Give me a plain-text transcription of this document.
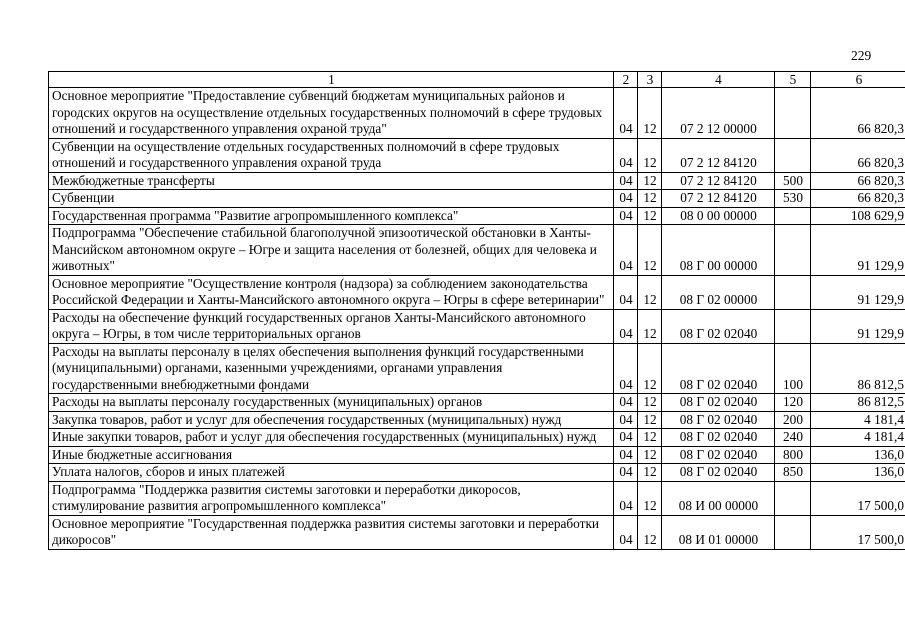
229
1	2	3	4	5	6
Основное мероприятие "Предоставление субвенций бюджетам муниципальных районов и городских округов на осуществление отдельных государственных полномочий в сфере трудовых отношений и государственного управления охраной труда"	04	12	07 2 12 00000		66 820,3
Субвенции на осуществление отдельных государственных полномочий в сфере трудовых отношений и государственного управления охраной труда	04	12	07 2 12 84120		66 820,3
Межбюджетные трансферты	04	12	07 2 12 84120	500	66 820,3
Субвенции	04	12	07 2 12 84120	530	66 820,3
Государственная программа "Развитие агропромышленного комплекса"	04	12	08 0 00 00000		108 629,9
Подпрограмма "Обеспечение стабильной благополучной эпизоотической обстановки в Ханты-Мансийском автономном округе – Югре и защита населения от болезней, общих для человека и животных"	04	12	08 Г 00 00000		91 129,9
Основное мероприятие "Осуществление контроля (надзора) за соблюдением законодательства Российской Федерации и Ханты-Мансийского автономного округа – Югры в сфере ветеринарии"	04	12	08 Г 02 00000		91 129,9
Расходы на обеспечение функций государственных органов Ханты-Мансийского автономного округа – Югры, в том числе территориальных органов	04	12	08 Г 02 02040		91 129,9
Расходы на выплаты персоналу в целях обеспечения выполнения функций государственными (муниципальными) органами, казенными учреждениями, органами управления государственными внебюджетными фондами	04	12	08 Г 02 02040	100	86 812,5
Расходы на выплаты персоналу государственных (муниципальных) органов	04	12	08 Г 02 02040	120	86 812,5
Закупка товаров, работ и услуг для обеспечения государственных (муниципальных) нужд	04	12	08 Г 02 02040	200	4 181,4
Иные закупки товаров, работ и услуг для обеспечения государственных (муниципальных) нужд	04	12	08 Г 02 02040	240	4 181,4
Иные бюджетные ассигнования	04	12	08 Г 02 02040	800	136,0
Уплата налогов, сборов и иных платежей	04	12	08 Г 02 02040	850	136,0
Подпрограмма "Поддержка развития системы заготовки и переработки дикоросов, стимулирование развития агропромышленного комплекса"	04	12	08 И 00 00000		17 500,0
Основное мероприятие "Государственная поддержка развития системы заготовки и переработки дикоросов"	04	12	08 И 01 00000		17 500,0
